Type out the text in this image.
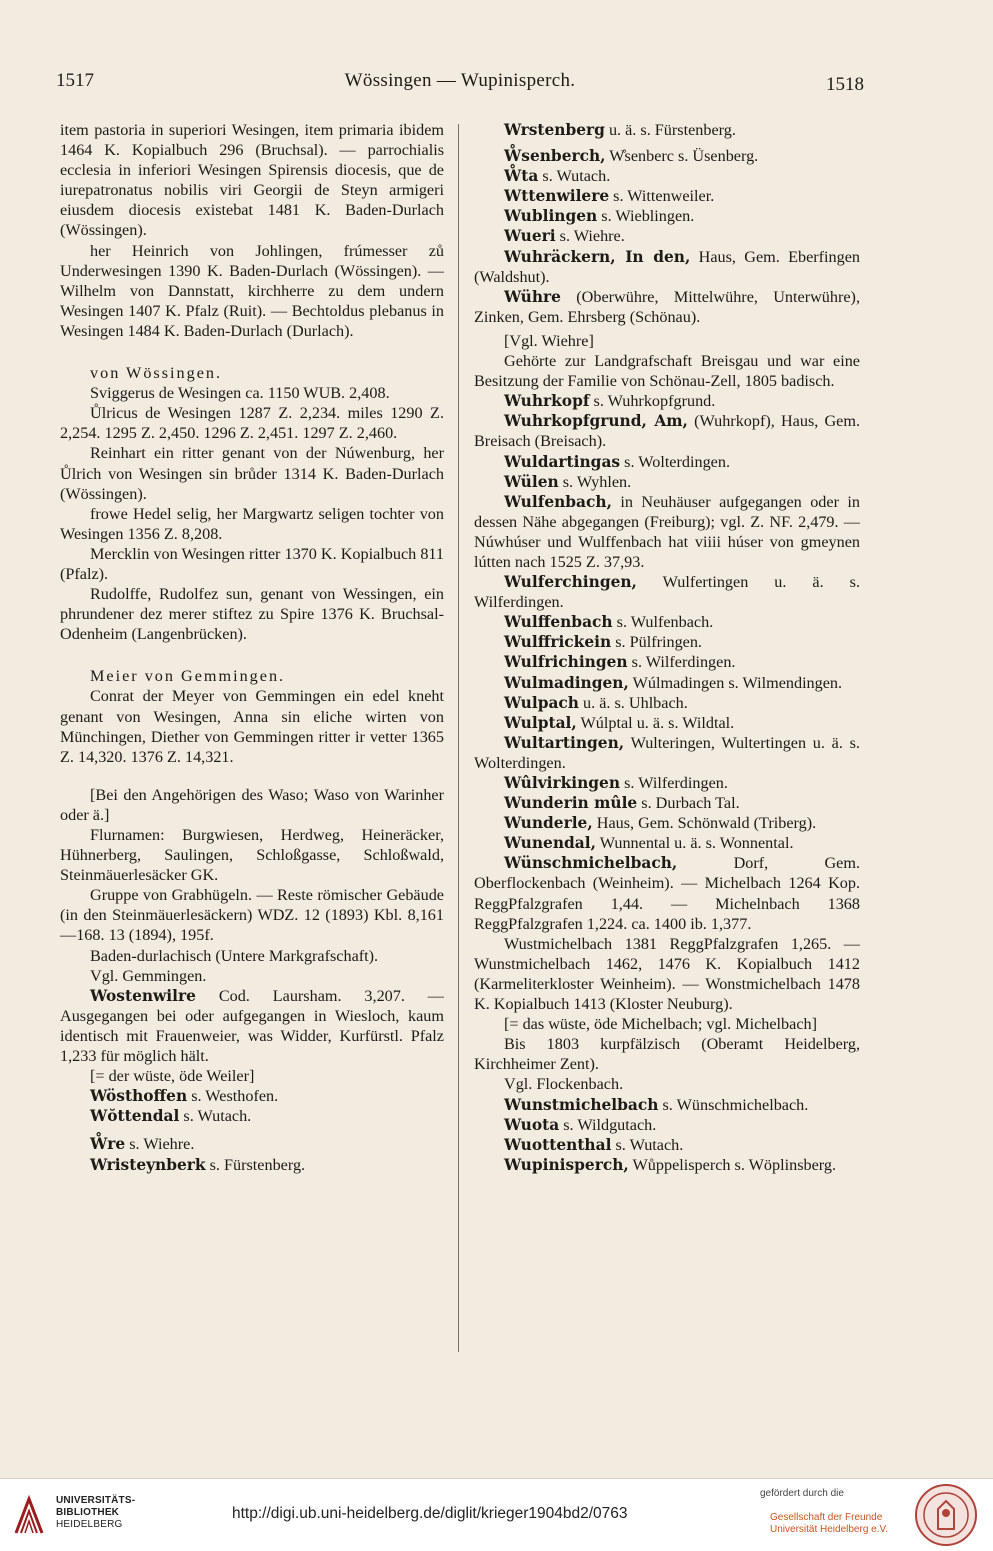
1517	Wössingen — Wupinisperch.	1518

item pastoria in superiori Wesingen, item primaria ibidem 1464 K. Kopialbuch 296 (Bruchsal). — parrochialis ecclesia in inferiori Wesingen Spirensis diocesis, que de iurepatronatus nobilis viri Georgii de Steyn armigeri eiusdem diocesis existebat 1481 K. Baden-Durlach (Wössingen).

her Heinrich von Johlingen, frúmesser zů Underwesingen 1390 K. Baden-Durlach (Wössingen). — Wilhelm von Dannstatt, kirchherre zu dem undern Wesingen 1407 K. Pfalz (Ruit). — Bechtoldus plebanus in Wesingen 1484 K. Baden-Durlach (Durlach).

von Wössingen.

Sviggerus de Wesingen ca. 1150 WUB. 2,408.

Ůlricus de Wesingen 1287 Z. 2,234. miles 1290 Z. 2,254. 1295 Z. 2,450. 1296 Z. 2,451. 1297 Z. 2,460.

Reinhart ein ritter genant von der Núwenburg, her Ůlrich von Wesingen sin brůder 1314 K. Baden-Durlach (Wössingen).

frowe Hedel selig, her Margwartz seligen tochter von Wesingen 1356 Z. 8,208.

Mercklin von Wesingen ritter 1370 K. Kopialbuch 811 (Pfalz).

Rudolffe, Rudolfez sun, genant von Wessingen, ein phrundener dez merer stiftez zu Spire 1376 K. Bruchsal-Odenheim (Langenbrücken).

Meier von Gemmingen.

Conrat der Meyer von Gemmingen ein edel kneht genant von Wesingen, Anna sin eliche wirten von Münchingen, Diether von Gemmingen ritter ir vetter 1365 Z. 14,320. 1376 Z. 14,321.

[Bei den Angehörigen des Waso; Waso von Warinher oder ä.]

Flurnamen: Burgwiesen, Herdweg, Heineräcker, Hühnerberg, Saulingen, Schloßgasse, Schloßwald, Steinmäuerlesäcker GK.

Gruppe von Grabhügeln. — Reste römischer Gebäude (in den Steinmäuerlesäckern) WDZ. 12 (1893) Kbl. 8,161—168. 13 (1894), 195f.

Baden-durlachisch (Untere Markgrafschaft).

Vgl. Gemmingen.

Wostenwilre Cod. Laursham. 3,207. — Ausgegangen bei oder aufgegangen in Wiesloch, kaum identisch mit Frauenweier, was Widder, Kurfürstl. Pfalz 1,233 für möglich hält.

[= der wüste, öde Weiler]

Wösthoffen s. Westhofen.

Wŏttendal s. Wutach.

W̊re s. Wiehre.

Wristeynberk s. Fürstenberg.

Wrstenberg u. ä. s. Fürstenberg.

W̊senberch, W̊senberc s. Üsenberg.

W̊ta s. Wutach.

Wttenwilere s. Wittenweiler.

Wublingen s. Wieblingen.

Wueri s. Wiehre.

Wuhräckern, In den, Haus, Gem. Eberfingen (Waldshut).

Wühre (Oberwühre, Mittelwühre, Unterwühre), Zinken, Gem. Ehrsberg (Schönau).

[Vgl. Wiehre]

Gehörte zur Landgrafschaft Breisgau und war eine Besitzung der Familie von Schönau-Zell, 1805 badisch.

Wuhrkopf s. Wuhrkopfgrund.

Wuhrkopfgrund, Am, (Wuhrkopf), Haus, Gem. Breisach (Breisach).

Wuldartingas s. Wolterdingen.

Wülen s. Wyhlen.

Wulfenbach, in Neuhäuser aufgegangen oder in dessen Nähe abgegangen (Freiburg); vgl. Z. NF. 2,479. — Núwhúser und Wulffenbach hat viiii húser von gmeynen lútten nach 1525 Z. 37,93.

Wulferchingen, Wulfertingen u. ä. s. Wilferdingen.

Wulffenbach s. Wulfenbach.

Wulffrickein s. Pülfringen.

Wulfrichingen s. Wilferdingen.

Wulmadingen, Wúlmadingen s. Wilmendingen.

Wulpach u. ä. s. Uhlbach.

Wulptal, Wúlptal u. ä. s. Wildtal.

Wultartingen, Wulteringen, Wultertingen u. ä. s. Wolterdingen.

Wûlvirkingen s. Wilferdingen.

Wunderin mûle s. Durbach Tal.

Wunderle, Haus, Gem. Schönwald (Triberg).

Wunendal, Wunnental u. ä. s. Wonnental.

Wünschmichelbach,	Dorf, Gem. Oberflockenbach (Weinheim). — Michelbach 1264 Kop. ReggPfalzgrafen 1,44. — Michelnbach 1368 ReggPfalzgrafen 1,224. ca. 1400 ib. 1,377.

Wustmichelbach 1381 ReggPfalzgrafen 1,265. — Wunstmichelbach 1462, 1476 K. Kopialbuch 1412 (Karmeliterkloster Weinheim). — Wonstmichelbach 1478 K. Kopialbuch 1413 (Kloster Neuburg).

[= das wüste, öde Michelbach; vgl. Michelbach]

Bis 1803 kurpfälzisch (Oberamt Heidelberg, Kirchheimer Zent).

Vgl. Flockenbach.

Wunstmichelbach s. Wünschmichelbach.

Wuota s. Wildgutach.

Wuottenthal s. Wutach.

Wupinisperch, Wůppelisperch s. Wöplinsberg.

UNIVERSITÄTS-
BIBLIOTHEK
HEIDELBERG
http://digi.ub.uni-heidelberg.de/diglit/krieger1904bd2/0763
gefördert durch die
Gesellschaft der Freunde
Universität Heidelberg e.V.
